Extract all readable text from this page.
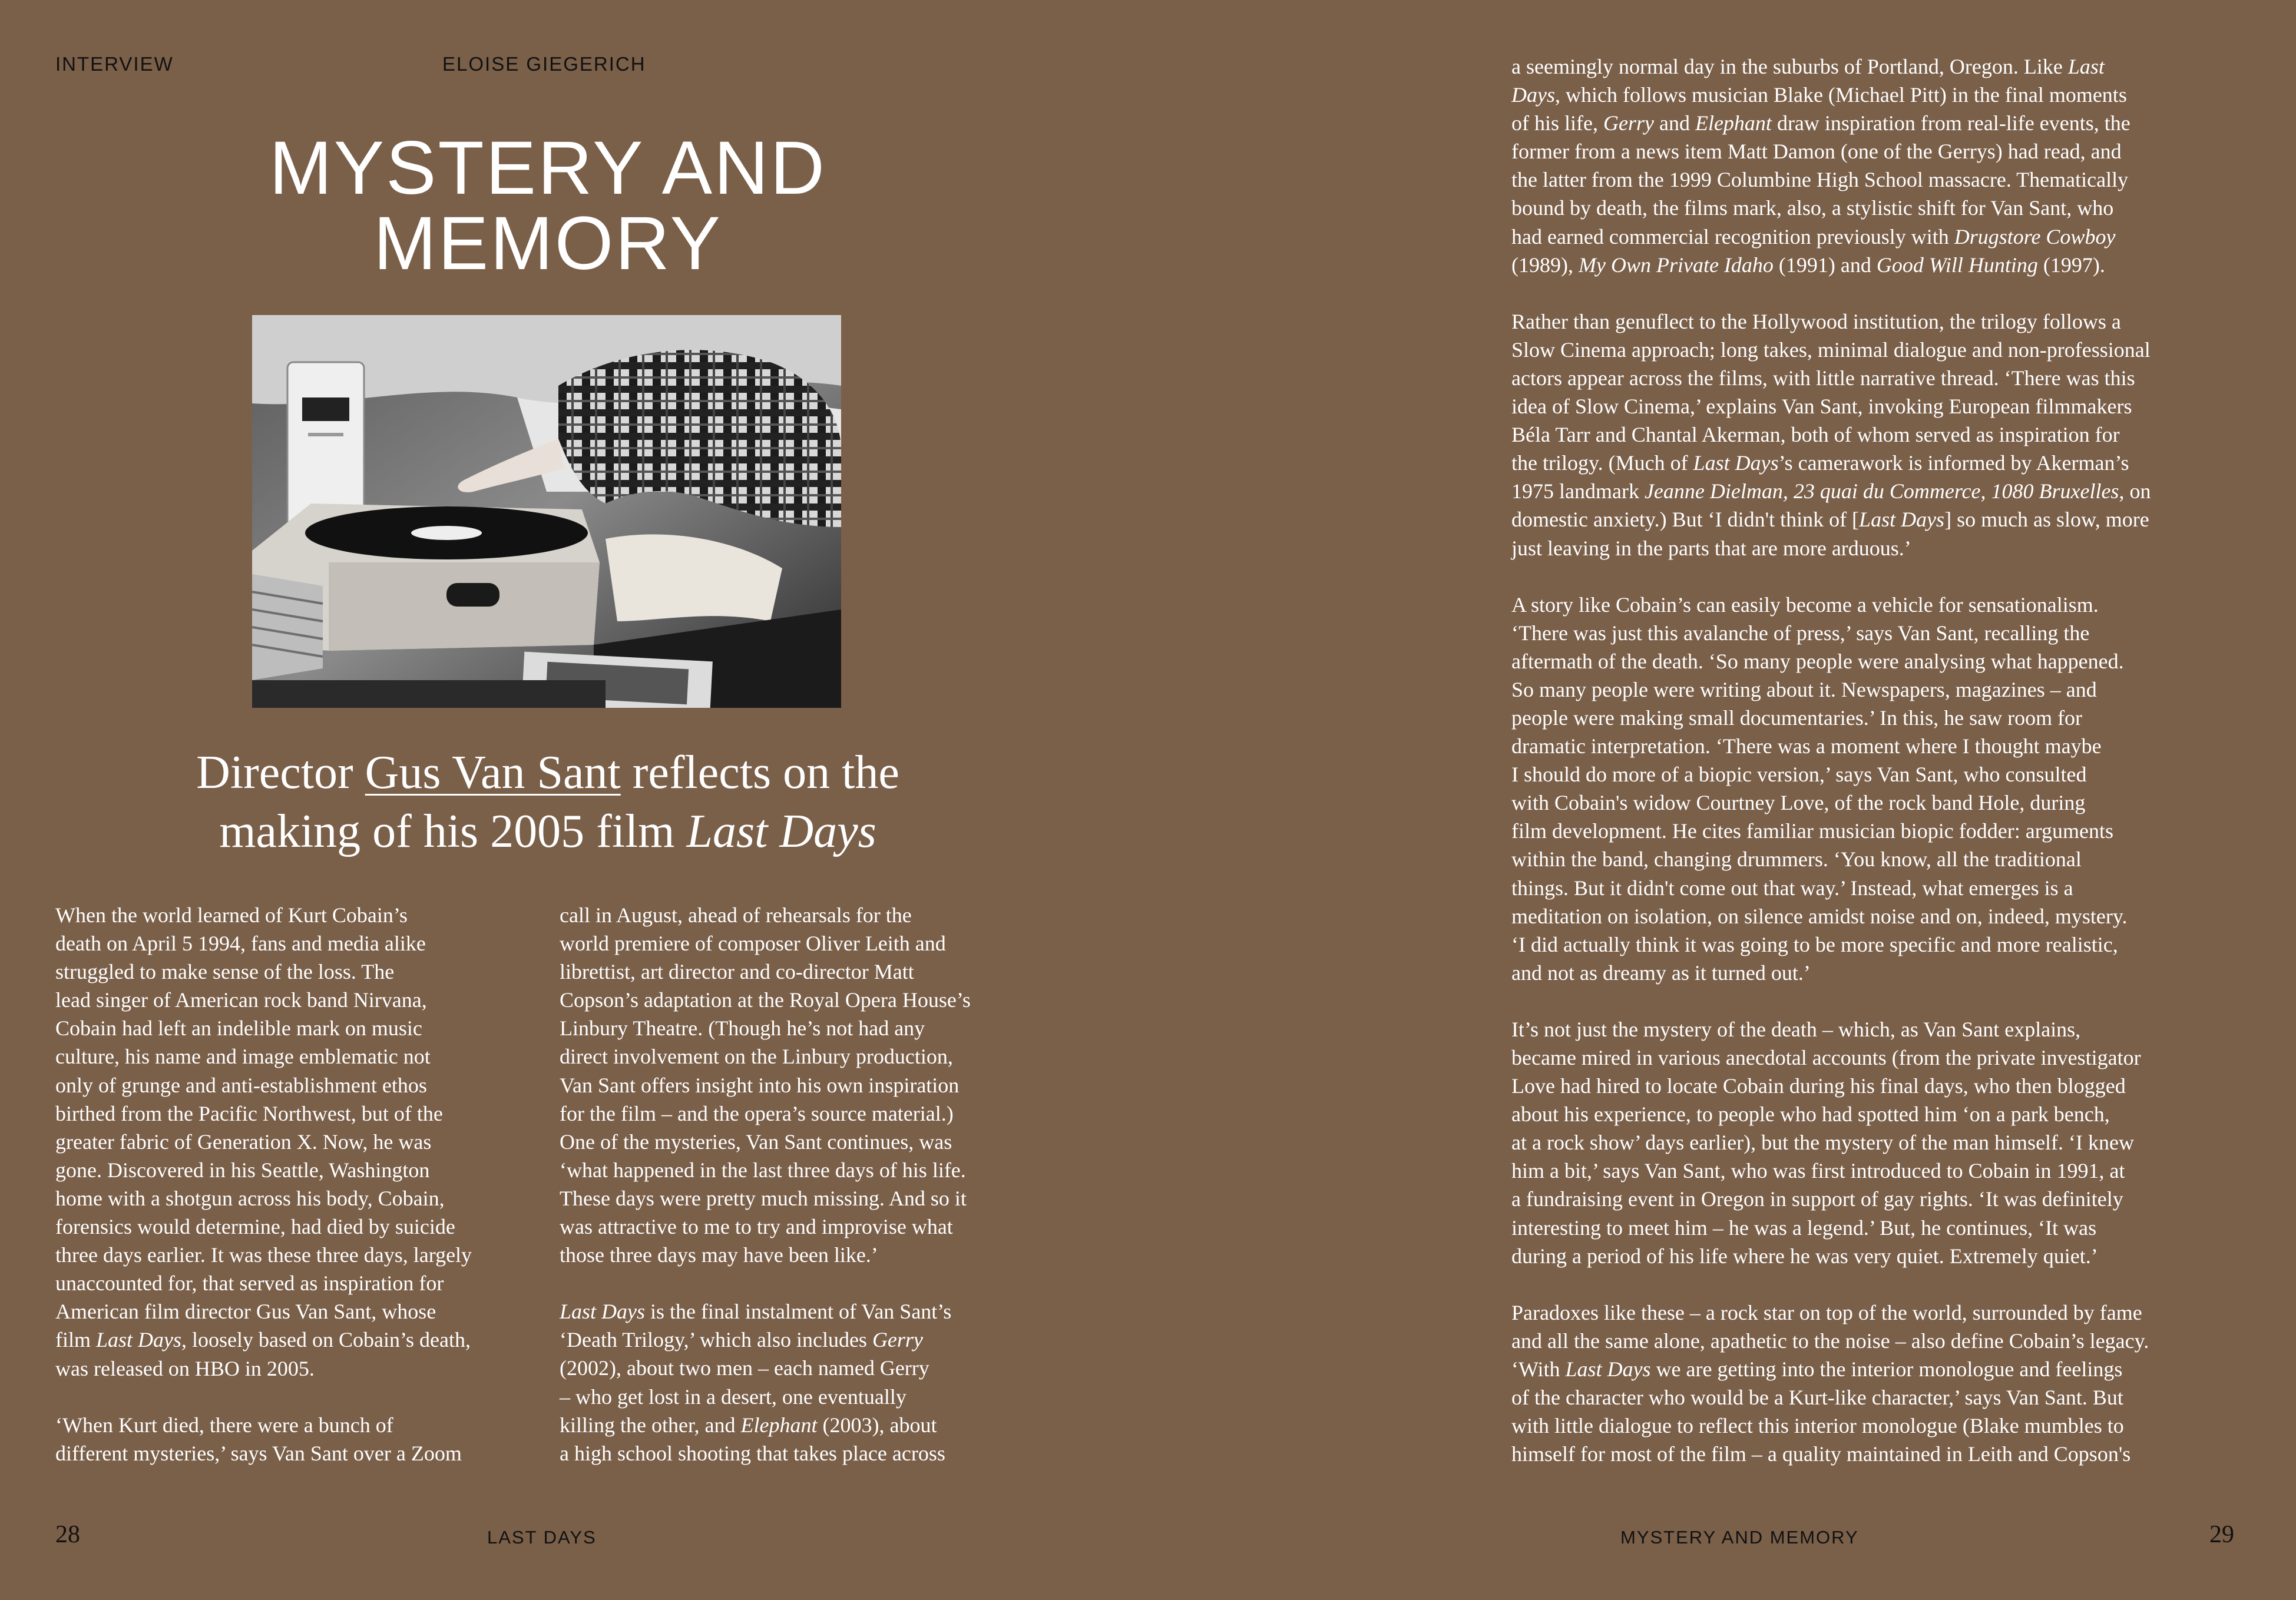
INTERVIEW	ELOISE GIEGERICH
MYSTERY AND
MEMORY
Director Gus Van Sant reflects on the
making of his 2005 film Last Days

When the world learned of Kurt Cobain’s

death on April 5 1994, fans and media alike

struggled to make sense of the loss. The

lead singer of American rock band Nirvana,

Cobain had left an indelible mark on music

culture, his name and image emblematic not

only of grunge and anti-establishment ethos

birthed from the Pacific Northwest, but of the

greater fabric of Generation X. Now, he was

gone. Discovered in his Seattle, Washington

home with a shotgun across his body, Cobain,

forensics would determine, had died by suicide

three days earlier. It was these three days, largely

unaccounted for, that served as inspiration for

American film director Gus Van Sant, whose

film Last Days, loosely based on Cobain’s death,

was released on HBO in 2005.

‘When Kurt died, there were a bunch of

different mysteries,’ says Van Sant over a Zoom

call in August, ahead of rehearsals for the

world premiere of composer Oliver Leith and

librettist, art director and co-director Matt

Copson’s adaptation at the Royal Opera House’s

Linbury Theatre. (Though he’s not had any

direct involvement on the Linbury production,

Van Sant offers insight into his own inspiration

for the film – and the opera’s source material.)

One of the mysteries, Van Sant continues, was

‘what happened in the last three days of his life.

These days were pretty much missing. And so it

was attractive to me to try and improvise what

those three days may have been like.’

Last Days is the final instalment of Van Sant’s

‘Death Trilogy,’ which also includes Gerry

(2002), about two men – each named Gerry

– who get lost in a desert, one eventually

killing the other, and Elephant (2003), about

a high school shooting that takes place across

a seemingly normal day in the suburbs of Portland, Oregon. Like Last

Days, which follows musician Blake (Michael Pitt) in the final moments

of his life, Gerry and Elephant draw inspiration from real-life events, the

former from a news item Matt Damon (one of the Gerrys) had read, and

the latter from the 1999 Columbine High School massacre. Thematically

bound by death, the films mark, also, a stylistic shift for Van Sant, who

had earned commercial recognition previously with Drugstore Cowboy

(1989), My Own Private Idaho (1991) and Good Will Hunting (1997).

Rather than genuflect to the Hollywood institution, the trilogy follows a

Slow Cinema approach; long takes, minimal dialogue and non-professional

actors appear across the films, with little narrative thread. ‘There was this

idea of Slow Cinema,’ explains Van Sant, invoking European filmmakers

Béla Tarr and Chantal Akerman, both of whom served as inspiration for

the trilogy. (Much of Last Days’s camerawork is informed by Akerman’s

1975 landmark Jeanne Dielman, 23 quai du Commerce, 1080 Bruxelles, on

domestic anxiety.) But ‘I didn't think of [Last Days] so much as slow, more

just leaving in the parts that are more arduous.’

A story like Cobain’s can easily become a vehicle for sensationalism.

‘There was just this avalanche of press,’ says Van Sant, recalling the

aftermath of the death. ‘So many people were analysing what happened.

So many people were writing about it. Newspapers, magazines – and

people were making small documentaries.’ In this, he saw room for

dramatic interpretation. ‘There was a moment where I thought maybe

I should do more of a biopic version,’ says Van Sant, who consulted

with Cobain's widow Courtney Love, of the rock band Hole, during

film development. He cites familiar musician biopic fodder: arguments

within the band, changing drummers. ‘You know, all the traditional

things. But it didn't come out that way.’ Instead, what emerges is a

meditation on isolation, on silence amidst noise and on, indeed, mystery.

‘I did actually think it was going to be more specific and more realistic,

and not as dreamy as it turned out.’

It’s not just the mystery of the death – which, as Van Sant explains,

became mired in various anecdotal accounts (from the private investigator

Love had hired to locate Cobain during his final days, who then blogged

about his experience, to people who had spotted him ‘on a park bench,

at a rock show’ days earlier), but the mystery of the man himself. ‘I knew

him a bit,’ says Van Sant, who was first introduced to Cobain in 1991, at

a fundraising event in Oregon in support of gay rights. ‘It was definitely

interesting to meet him – he was a legend.’ But, he continues, ‘It was

during a period of his life where he was very quiet. Extremely quiet.’

Paradoxes like these – a rock star on top of the world, surrounded by fame

and all the same alone, apathetic to the noise – also define Cobain’s legacy.

‘With Last Days we are getting into the interior monologue and feelings

of the character who would be a Kurt-like character,’ says Van Sant. But

with little dialogue to reflect this interior monologue (Blake mumbles to

himself for most of the film – a quality maintained in Leith and Copson's

28	LAST DAYS	MYSTERY AND MEMORY	29
